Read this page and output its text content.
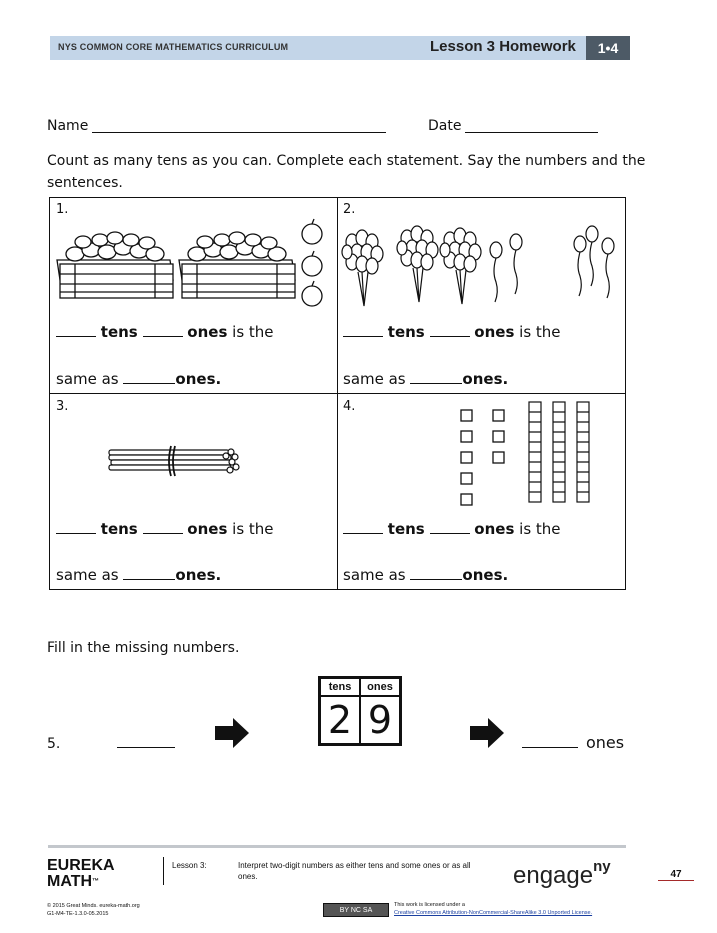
NYS COMMON CORE MATHEMATICS CURRICULUM	Lesson 3 Homework	1•4
Name	Date
Count as many tens as you can. Complete each statement. Say the numbers and the
sentences.
1.
tens	ones is the
same as	ones.
2.
tens	ones is the
same as	ones.
3.
tens	ones is the
same as	ones.
4.
tens	ones is the
same as	ones.
Fill in the missing numbers.
5.
tens	ones
2 9
ones
EUREKA
MATH™
Lesson 3:	Interpret two-digit numbers as either tens and some ones or as all
ones.	engage$^{ny}$	47
© 2015 Great Minds. eureka-math.org
G1-M4-TE-1.3.0-05.2015	BY NC SA
This work is licensed under a
Creative Commons Attribution-NonCommercial-ShareAlike 3.0 Unported License.
